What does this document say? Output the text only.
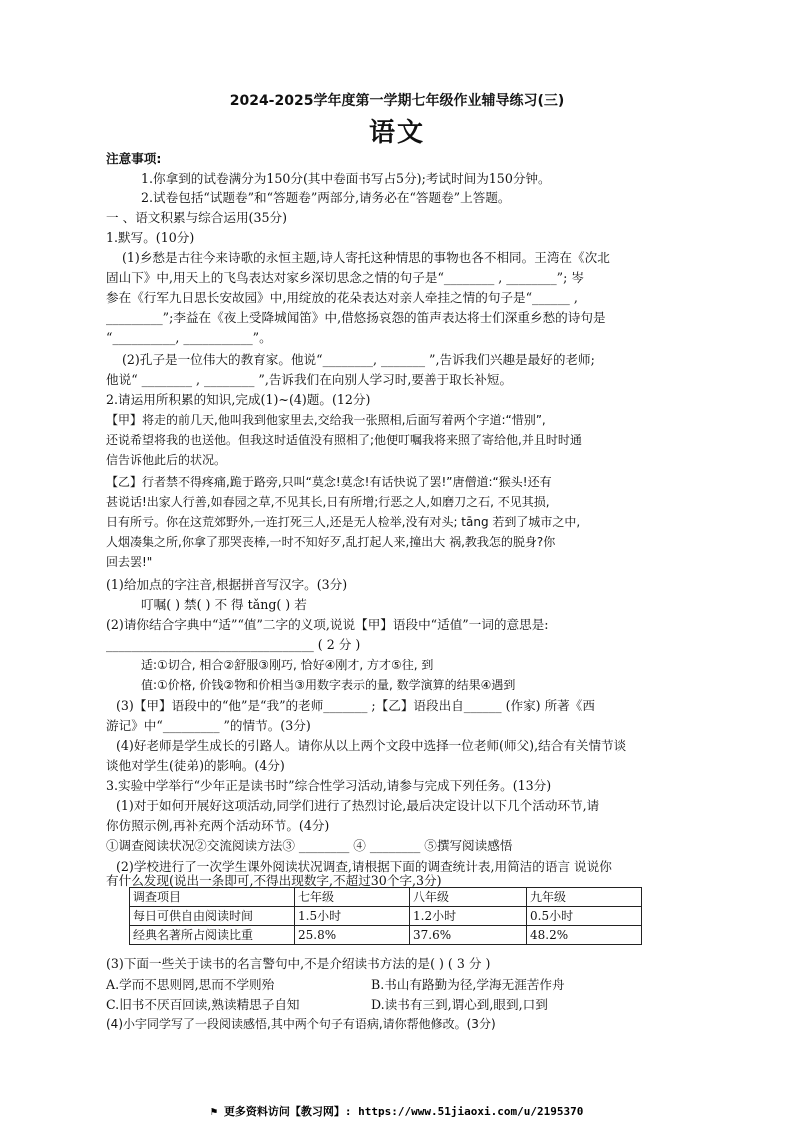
2024-2025学年度第一学期七年级作业辅导练习(三)
语文
注意事项:
1.你拿到的试卷满分为150分(其中卷面书写占5分);考试时间为150分钟。
2.试卷包括“试题卷”和“答题卷”两部分,请务必在“答题卷”上答题。
一 、语文积累与综合运用(35分)
1.默写。(10分)
(1)乡愁是古往今来诗歌的永恒主题,诗人寄托这种情思的事物也各不相同。王湾在《次北
固山下》中,用天上的飞鸟表达对家乡深切思念之情的句子是“________ , ________”; 岑
参在《行军九日思长安故园》中,用绽放的花朵表达对亲人牵挂之情的句子是“______ ,
_________”;李益在《夜上受降城闻笛》中,借悠扬哀怨的笛声表达将士们深重乡愁的诗句是
“__________, ___________”。
(2)孔子是一位伟大的教育家。他说“________, _______ ”,告诉我们兴趣是最好的老师;
他说“ ________ , ________ ”,告诉我们在向别人学习时,要善于取长补短。
2.请运用所积累的知识,完成(1)~(4)题。(12分)
【甲】将走的前几天,他叫我到他家里去,交给我一张照相,后面写着两个字道:“惜别”,
还说希望将我的也送他。但我这时适值没有照相了;他便叮嘱我将来照了寄给他,并且时时通
信告诉他此后的状况。
【乙】行者禁不得疼痛,跪于路旁,只叫“莫念!莫念!有话快说了罢!”唐僧道:“猴头!还有
甚说话!出家人行善,如春园之草,不见其长,日有所增;行恶之人,如磨刀之石, 不见其损,
日有所亏。你在这荒郊野外,一连打死三人,还是无人检举,没有对头; tāng 若到了城市之中,
人烟凑集之所,你拿了那哭丧棒,一时不知好歹,乱打起人来,撞出大 祸,教我怎的脱身?你
回去罢!"
(1)给加点的字注音,根据拼音写汉字。(3分)
叮嘱( ) 禁( ) 不 得 tǎng( ) 若
(2)请你结合字典中“适”“值”二字的义项,说说【甲】语段中“适值”一词的意思是:
_________________________________ ( 2 分 )
适:①切合, 相合②舒服③刚巧, 恰好④刚才, 方才⑤往, 到
值:①价格, 价钱②物和价相当③用数字表示的量, 数学演算的结果④遇到
(3)【甲】语段中的“他”是“我”的老师_______ ;【乙】语段出自______ (作家) 所著《西
游记》中“_________ ”的情节。(3分)
(4)好老师是学生成长的引路人。请你从以上两个文段中选择一位老师(师父),结合有关情节谈
谈他对学生(徒弟)的影响。(4分)
3.实验中学举行“少年正是读书时”综合性学习活动,请参与完成下列任务。(13分)
(1)对于如何开展好这项活动,同学们进行了热烈讨论,最后决定设计以下几个活动环节,请
你仿照示例,再补充两个活动环节。(4分)
①调查阅读状况②交流阅读方法③ ________ ④ ________ ⑤撰写阅读感悟
(2)学校进行了一次学生课外阅读状况调查,请根据下面的调查统计表,用简洁的语言 说说你
有什么发现(说出一条即可,不得出现数字,不超过30个字,3分)
(3)下面一些关于读书的名言警句中,不是介绍读书方法的是( ) ( 3 分 )
A.学而不思则罔,思而不学则殆	B.书山有路勤为径,学海无涯苦作舟
C.旧书不厌百回读,熟读精思子自知	D.读书有三到,谓心到,眼到,口到
(4)小宇同学写了一段阅读感悟,其中两个句子有语病,请你帮他修改。(3分)
调查项目	七年级	八年级	九年级
每日可供自由阅读时间	1.5小时	1.2小时	0.5小时
经典名著所占阅读比重	25.8%	37.6%	48.2%
⚑ 更多资料访问【教习网】: https://www.51jiaoxi.com/u/2195370
